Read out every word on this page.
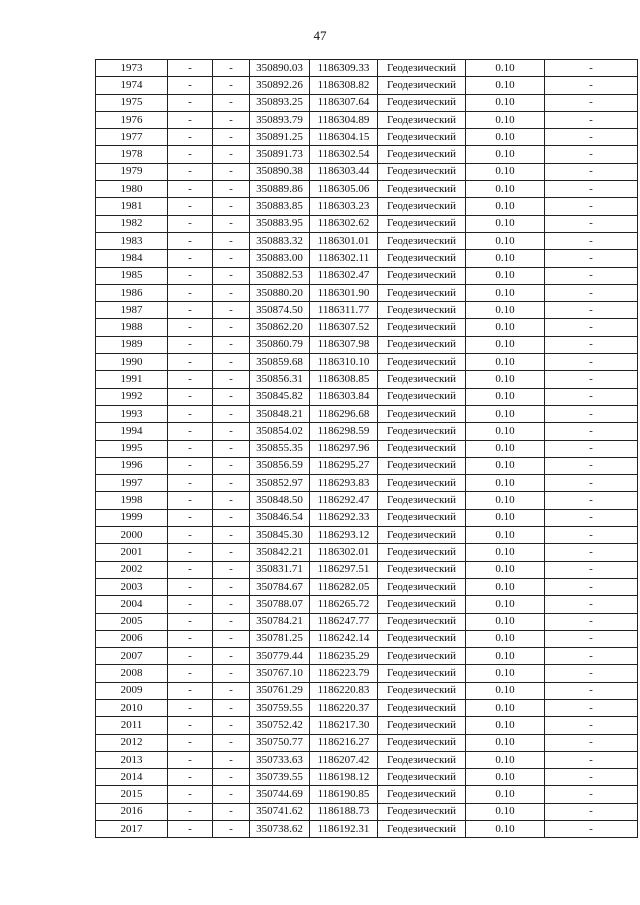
47
1973	-	-	350890.03	1186309.33	Геодезический	0.10	-
1974	-	-	350892.26	1186308.82	Геодезический	0.10	-
1975	-	-	350893.25	1186307.64	Геодезический	0.10	-
1976	-	-	350893.79	1186304.89	Геодезический	0.10	-
1977	-	-	350891.25	1186304.15	Геодезический	0.10	-
1978	-	-	350891.73	1186302.54	Геодезический	0.10	-
1979	-	-	350890.38	1186303.44	Геодезический	0.10	-
1980	-	-	350889.86	1186305.06	Геодезический	0.10	-
1981	-	-	350883.85	1186303.23	Геодезический	0.10	-
1982	-	-	350883.95	1186302.62	Геодезический	0.10	-
1983	-	-	350883.32	1186301.01	Геодезический	0.10	-
1984	-	-	350883.00	1186302.11	Геодезический	0.10	-
1985	-	-	350882.53	1186302.47	Геодезический	0.10	-
1986	-	-	350880.20	1186301.90	Геодезический	0.10	-
1987	-	-	350874.50	1186311.77	Геодезический	0.10	-
1988	-	-	350862.20	1186307.52	Геодезический	0.10	-
1989	-	-	350860.79	1186307.98	Геодезический	0.10	-
1990	-	-	350859.68	1186310.10	Геодезический	0.10	-
1991	-	-	350856.31	1186308.85	Геодезический	0.10	-
1992	-	-	350845.82	1186303.84	Геодезический	0.10	-
1993	-	-	350848.21	1186296.68	Геодезический	0.10	-
1994	-	-	350854.02	1186298.59	Геодезический	0.10	-
1995	-	-	350855.35	1186297.96	Геодезический	0.10	-
1996	-	-	350856.59	1186295.27	Геодезический	0.10	-
1997	-	-	350852.97	1186293.83	Геодезический	0.10	-
1998	-	-	350848.50	1186292.47	Геодезический	0.10	-
1999	-	-	350846.54	1186292.33	Геодезический	0.10	-
2000	-	-	350845.30	1186293.12	Геодезический	0.10	-
2001	-	-	350842.21	1186302.01	Геодезический	0.10	-
2002	-	-	350831.71	1186297.51	Геодезический	0.10	-
2003	-	-	350784.67	1186282.05	Геодезический	0.10	-
2004	-	-	350788.07	1186265.72	Геодезический	0.10	-
2005	-	-	350784.21	1186247.77	Геодезический	0.10	-
2006	-	-	350781.25	1186242.14	Геодезический	0.10	-
2007	-	-	350779.44	1186235.29	Геодезический	0.10	-
2008	-	-	350767.10	1186223.79	Геодезический	0.10	-
2009	-	-	350761.29	1186220.83	Геодезический	0.10	-
2010	-	-	350759.55	1186220.37	Геодезический	0.10	-
2011	-	-	350752.42	1186217.30	Геодезический	0.10	-
2012	-	-	350750.77	1186216.27	Геодезический	0.10	-
2013	-	-	350733.63	1186207.42	Геодезический	0.10	-
2014	-	-	350739.55	1186198.12	Геодезический	0.10	-
2015	-	-	350744.69	1186190.85	Геодезический	0.10	-
2016	-	-	350741.62	1186188.73	Геодезический	0.10	-
2017	-	-	350738.62	1186192.31	Геодезический	0.10	-
